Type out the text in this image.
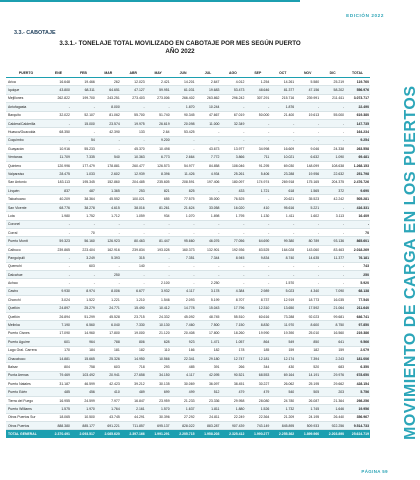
EDICIÓN 2022
3.3.- CABOTAJE
3.3.1.- TONELAJE TOTAL MOVILIZADO EN CABOTAJE POR MES SEGÚN PUERTO
AÑO 2022
PUERTO	ENE	FEB	MAR	ABR	MAY	JUN	JUL	AGO	SEP	OCT	NOV	DIC	TOTAL
Arica	16.648	19.466	262	12.023	2.421	14.201	2.647	4.012	1.254	14.261	5.580	25.219	119.760
Iquique	43.800	68.311	64.651	47.127	59.951	61.031	19.683	53.473	48.646	81.377	47.156	58.202	556.976
Mejillones	262.822	199.700	243.251	273.403	273.006	266.402	263.862	296.242	307.291	215.716	239.991	211.611	3.073.717
Antofagasta	-	-	8.000	-	-	1.870	10.244	-	-	1.876	-	-	22.490
Barquito	32.022	52.107	81.062	55.700	51.740	90.345	47.667	67.019	50.000	21.400	19.613	55.000	619.380
Caldera/Calderilla	-	15.000	23.574	19.975	26.619	20.098	11.000	32.349	-	-	-	-	147.735
Huasco/Guacolda	68.350	-	42.390	133	2.64	53.425	-	-	-	-	-	-	164.234
Coquimbo	-	54	-	-	9.200	-	-	-	-	-	-	-	9.254
Guayacán	10.916	55.233	-	45.370	10.498	-	43.673	13.977	34.998	16.609	9.046	24.338	263.558
Ventanas	11.709	7.335	540	10.363	6.773	2.664	7.772	3.866	711	10.021	6.632	1.090	69.481
Quintero	120.996	177.479	178.881	260.477	126.573	54.977	84.858	108.046	91.295	69.030	148.099	108.638	1.268.153
Valparaíso	28.475	1.033	2.602	12.939	8.396	11.426	4.934	25.261	5.406	23.288	19.956	22.632	251.798
San Antonio	183.113	195.345	152.860	204.485	235.605	208.591	197.406	180.097	174.974	269.918	175.165	204.375	2.476.726
Lirquén	837	487	1.365	253	821	825	-	433	1.721	618	1.565	372	9.690
Talcahuano	40.209	38.364	45.552	100.021	655	77.575	35.000	76.525	-	20.621	35.523	42.242	505.281
San Vicente	68.776	38.278	4.615	38.016	81.261	21.624	33.058	16.020	410	95.616	5.221	-	416.331
Lota	1.980	1.752	1.712	1.059	934	1.070	1.898	1.795	1.130	1.411	1.602	3.113	16.409
Coronel	-	-	-	-	-	-	-	-	-	-	-	-	-
Corral	-	70	-	-	-	-	-	-	-	-	-	-	70
Puerto Montt	59.323	56.160	126.923	80.463	81.447	95.660	46.076	77.056	64.690	99.380	80.789	93.136	865.601
Calbuco	239.865	223.404	162.916	239.834	193.028	160.373	132.901	192.936	83.525	164.028	143.060	83.463	2.018.269
Panguipulli	-	3.249	5.393	315	-	7.351	7.344	8.945	9.834	8.740	14.635	11.377	76.181
Quemchi	-	603	-	140	-	-	-	-	-	-	-	-	743
Dalcahue	-	-	250	-	-	-	-	-	-	-	-	-	250
Achao	-	-	-	-	2.100	-	2.250	-	-	1.570	-	-	5.920
Castro	9.930	8.974	8.006	6.677	3.932	4.117	3.178	4.384	2.989	5.023	4.340	7.090	68.138
Chonchi	3.024	1.522	1.221	1.210	1.546	2.093	5.199	8.707	8.737	12.919	18.773	16.035	77.540
Quellón	24.897	25.279	24.771	15.490	10.412	14.778	15.043	17.796	12.310	13.650	17.592	21.064	211.640
Quellón	26.894	51.299	45.528	23.715	24.332	45.092	48.745	55.510	60.616	73.288	92.023	99.681	646.741
Melinka	7.190	6.560	6.040	7.330	10.130	7.460	7.500	7.150	8.830	11.970	8.600	8.750	97.850
Puerto Cisnes	17.090	14.960	17.800	19.000	21.120	20.408	17.800	18.260	19.990	19.390	25.010	16.560	219.386
Puerto Aguirre	601	964	788	806	628	923	1.471	1.057	864	549	850	641	9.566
Lago Gral. Carrera	170	184	181	182	110	166	182	178	185	159	182	159	2.079
Chacabuco	14.881	15.665	25.326	14.950	10.566	22.341	29.180	12.747	12.181	12.174	7.394	2.243	181.006
Balsar	804	758	603	718	293	485	391	266	344	430	520	683	6.350
Punta Arenas	79.469	103.492	20.941	27.658	34.150	4.117	42.095	90.521	68.553	69.164	14.191	29.976	678.650
Puerto Natales	31.187	46.599	42.423	39.212	30.135	30.069	36.097	38.451	30.227	26.062	25.195	29.662	428.154
Puerto Edén	485	456	410	489	699	499	512	479	479	540	505	203	5.756
Tierra del Fuego	16.955	24.599	7.977	16.847	23.959	21.233	23.336	29.958	28.080	24.780	26.087	21.364	298.256
Puerto Williams	1.575	1.970	1.764	2.161	1.570	1.637	1.811	1.880	1.526	1.732	1.745	1.646	19.956
Otros Puertos Sur	18.065	10.500	43.745	44.291	30.396	27.292	24.811	22.249	22.364	21.209	24.195	26.440	356.967
Otros Puertos	888.380	885.177	691.221	711.857	695.137	828.022	883.287	907.439	743.149	845.895	509.933	922.256	9.514.733
TOTAL GENERAL	2.370.491	2.093.517	2.085.620	2.397.166	1.991.291	2.205.715	1.958.203	2.325.412	1.990.277	2.255.362	1.899.960	2.203.890	25.624.719 MOVIMIENTO DE CARGA EN LOS PUERTOS
PÁGINA 59
